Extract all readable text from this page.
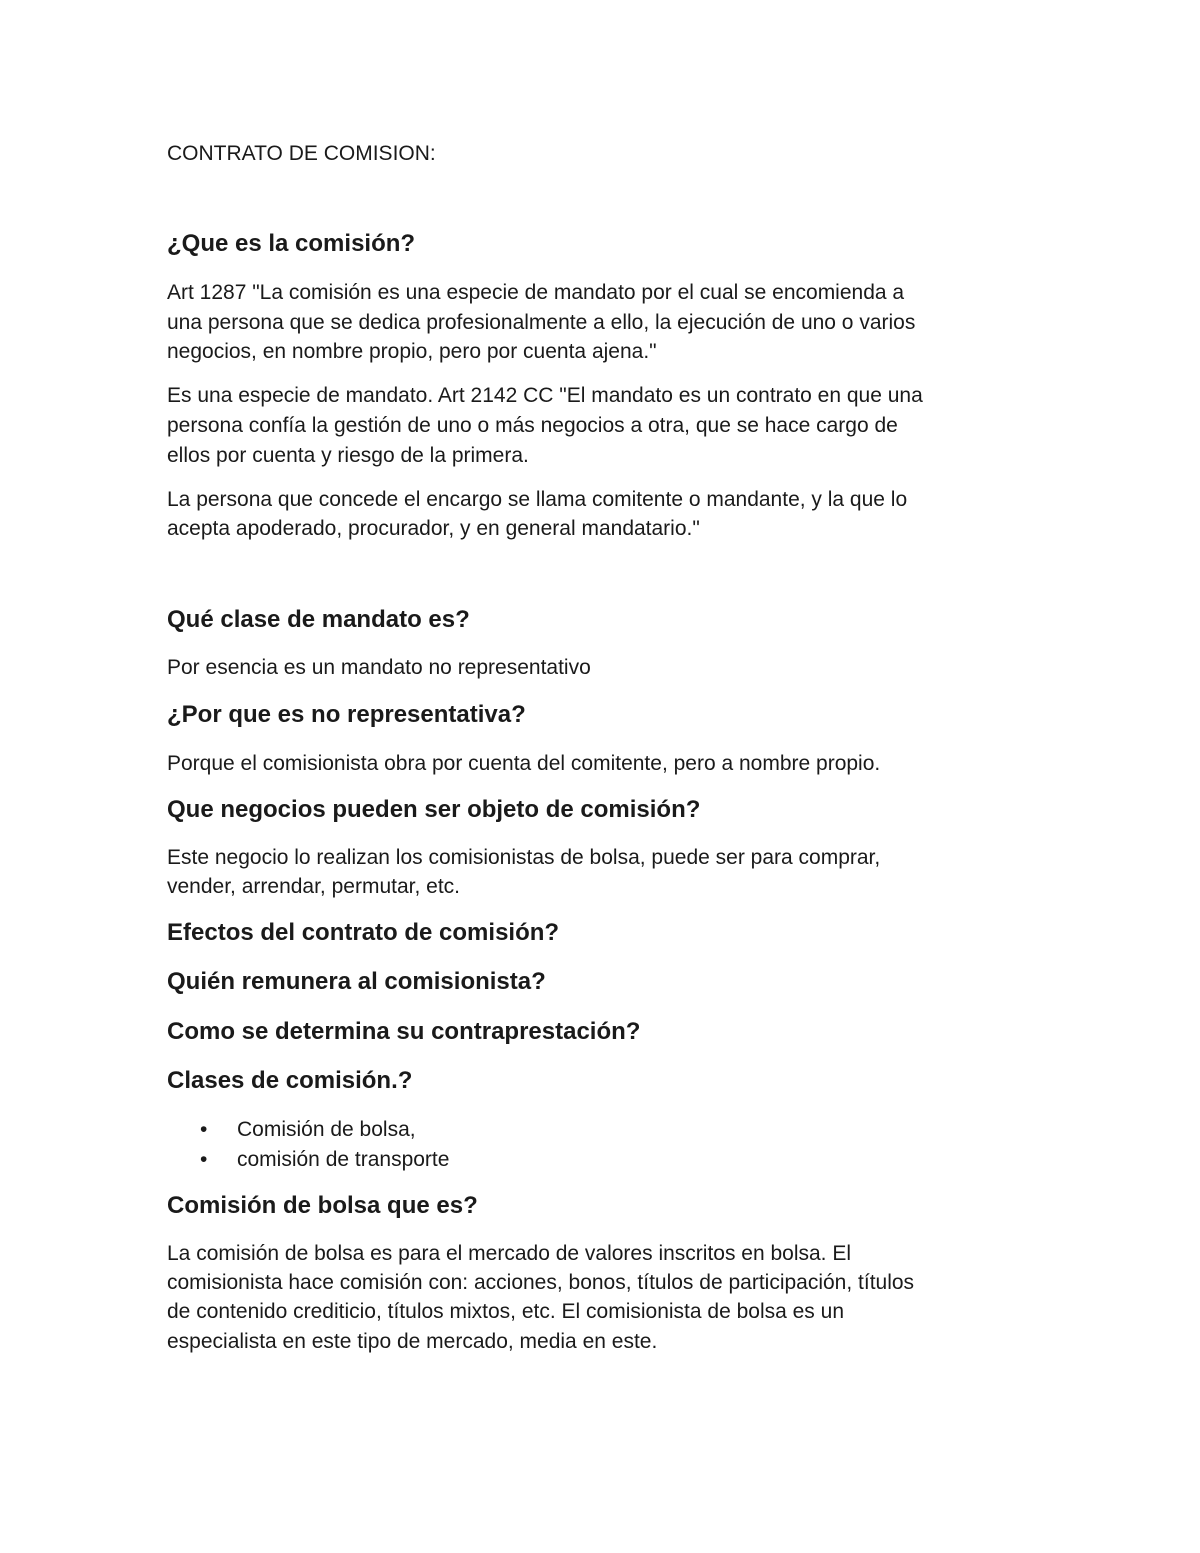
CONTRATO DE COMISION:

¿Que es la comisión?

Art 1287 "La comisión es una especie de mandato por el cual se encomienda a

una persona que se dedica profesionalmente a ello, la ejecución de uno o varios

negocios, en nombre propio, pero por cuenta ajena."

Es una especie de mandato. Art 2142 CC "El mandato es un contrato en que una

persona confía la gestión de uno o más negocios a otra, que se hace cargo de

ellos por cuenta y riesgo de la primera.

La persona que concede el encargo se llama comitente o mandante, y la que lo

acepta apoderado, procurador, y en general mandatario."

Qué clase de mandato es?

Por esencia es un mandato no representativo

¿Por que es no representativa?

Porque el comisionista obra por cuenta del comitente, pero a nombre propio.

Que negocios pueden ser objeto de comisión?

Este negocio lo realizan los comisionistas de bolsa, puede ser para comprar,

vender, arrendar, permutar, etc.

Efectos del contrato de comisión?

Quién remunera al comisionista?

Como se determina su contraprestación?

Clases de comisión.?

• Comisión de bolsa,
• comisión de transporte

Comisión de bolsa que es?

La comisión de bolsa es para el mercado de valores inscritos en bolsa. El

comisionista hace comisión con: acciones, bonos, títulos de participación, títulos

de contenido crediticio, títulos mixtos, etc. El comisionista de bolsa es un

especialista en este tipo de mercado, media en este.
